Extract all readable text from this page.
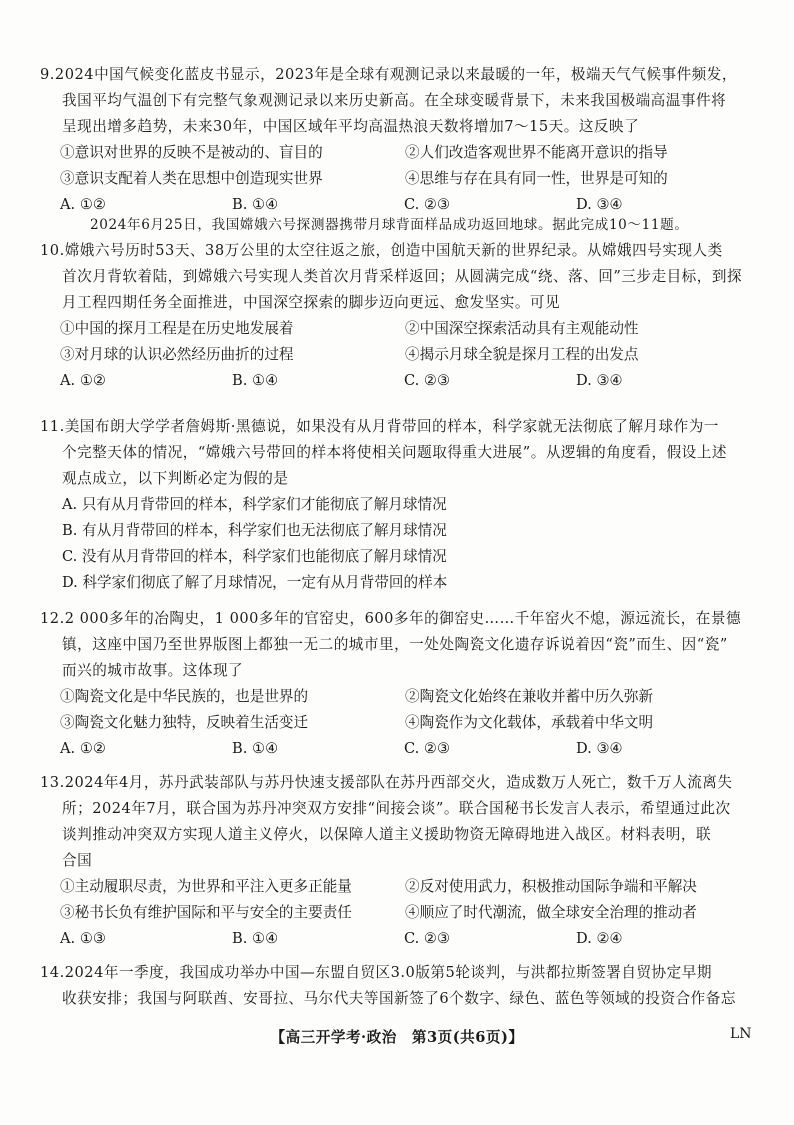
9.2024中国气候变化蓝皮书显示，2023年是全球有观测记录以来最暖的一年，极端天气气候事件频发，
我国平均气温创下有完整气象观测记录以来历史新高。在全球变暖背景下，未来我国极端高温事件将
呈现出增多趋势，未来30年，中国区域年平均高温热浪天数将增加7～15天。这反映了
①意识对世界的反映不是被动的、盲目的	②人们改造客观世界不能离开意识的指导
③意识支配着人类在思想中创造现实世界	④思维与存在具有同一性，世界是可知的
A. ①②	B. ①④	C. ②③	D. ③④
2024年6月25日，我国嫦娥六号探测器携带月球背面样品成功返回地球。据此完成10～11题。
10.嫦娥六号历时53天、38万公里的太空往返之旅，创造中国航天新的世界纪录。从嫦娥四号实现人类
首次月背软着陆，到嫦娥六号实现人类首次月背采样返回；从圆满完成“绕、落、回”三步走目标，到探
月工程四期任务全面推进，中国深空探索的脚步迈向更远、愈发坚实。可见
①中国的探月工程是在历史地发展着	②中国深空探索活动具有主观能动性
③对月球的认识必然经历曲折的过程	④揭示月球全貌是探月工程的出发点
A. ①②	B. ①④	C. ②③	D. ③④
11.美国布朗大学学者詹姆斯·黑德说，如果没有从月背带回的样本，科学家就无法彻底了解月球作为一
个完整天体的情况，“嫦娥六号带回的样本将使相关问题取得重大进展”。从逻辑的角度看，假设上述
观点成立，以下判断必定为假的是
A. 只有从月背带回的样本，科学家们才能彻底了解月球情况
B. 有从月背带回的样本，科学家们也无法彻底了解月球情况
C. 没有从月背带回的样本，科学家们也能彻底了解月球情况
D. 科学家们彻底了解了月球情况，一定有从月背带回的样本
12.2 000多年的冶陶史，1 000多年的官窑史，600多年的御窑史……千年窑火不熄，源远流长，在景德
镇，这座中国乃至世界版图上都独一无二的城市里，一处处陶瓷文化遗存诉说着因“瓷”而生、因“瓷”
而兴的城市故事。这体现了
①陶瓷文化是中华民族的，也是世界的	②陶瓷文化始终在兼收并蓄中历久弥新
③陶瓷文化魅力独特，反映着生活变迁	④陶瓷作为文化载体，承载着中华文明
A. ①②	B. ①④	C. ②③	D. ③④
13.2024年4月，苏丹武装部队与苏丹快速支援部队在苏丹西部交火，造成数万人死亡，数千万人流离失
所；2024年7月，联合国为苏丹冲突双方安排“间接会谈”。联合国秘书长发言人表示，希望通过此次
谈判推动冲突双方实现人道主义停火，以保障人道主义援助物资无障碍地进入战区。材料表明，联
合国
①主动履职尽责，为世界和平注入更多正能量	②反对使用武力，积极推动国际争端和平解决
③秘书长负有维护国际和平与安全的主要责任	④顺应了时代潮流，做全球安全治理的推动者
A. ①③	B. ①④	C. ②③	D. ②④
14.2024年一季度，我国成功举办中国—东盟自贸区3.0版第5轮谈判，与洪都拉斯签署自贸协定早期
收获安排；我国与阿联酋、安哥拉、马尔代夫等国新签了6个数字、绿色、蓝色等领域的投资合作备忘
【高三开学考·政治　第3页(共6页)】	LN
